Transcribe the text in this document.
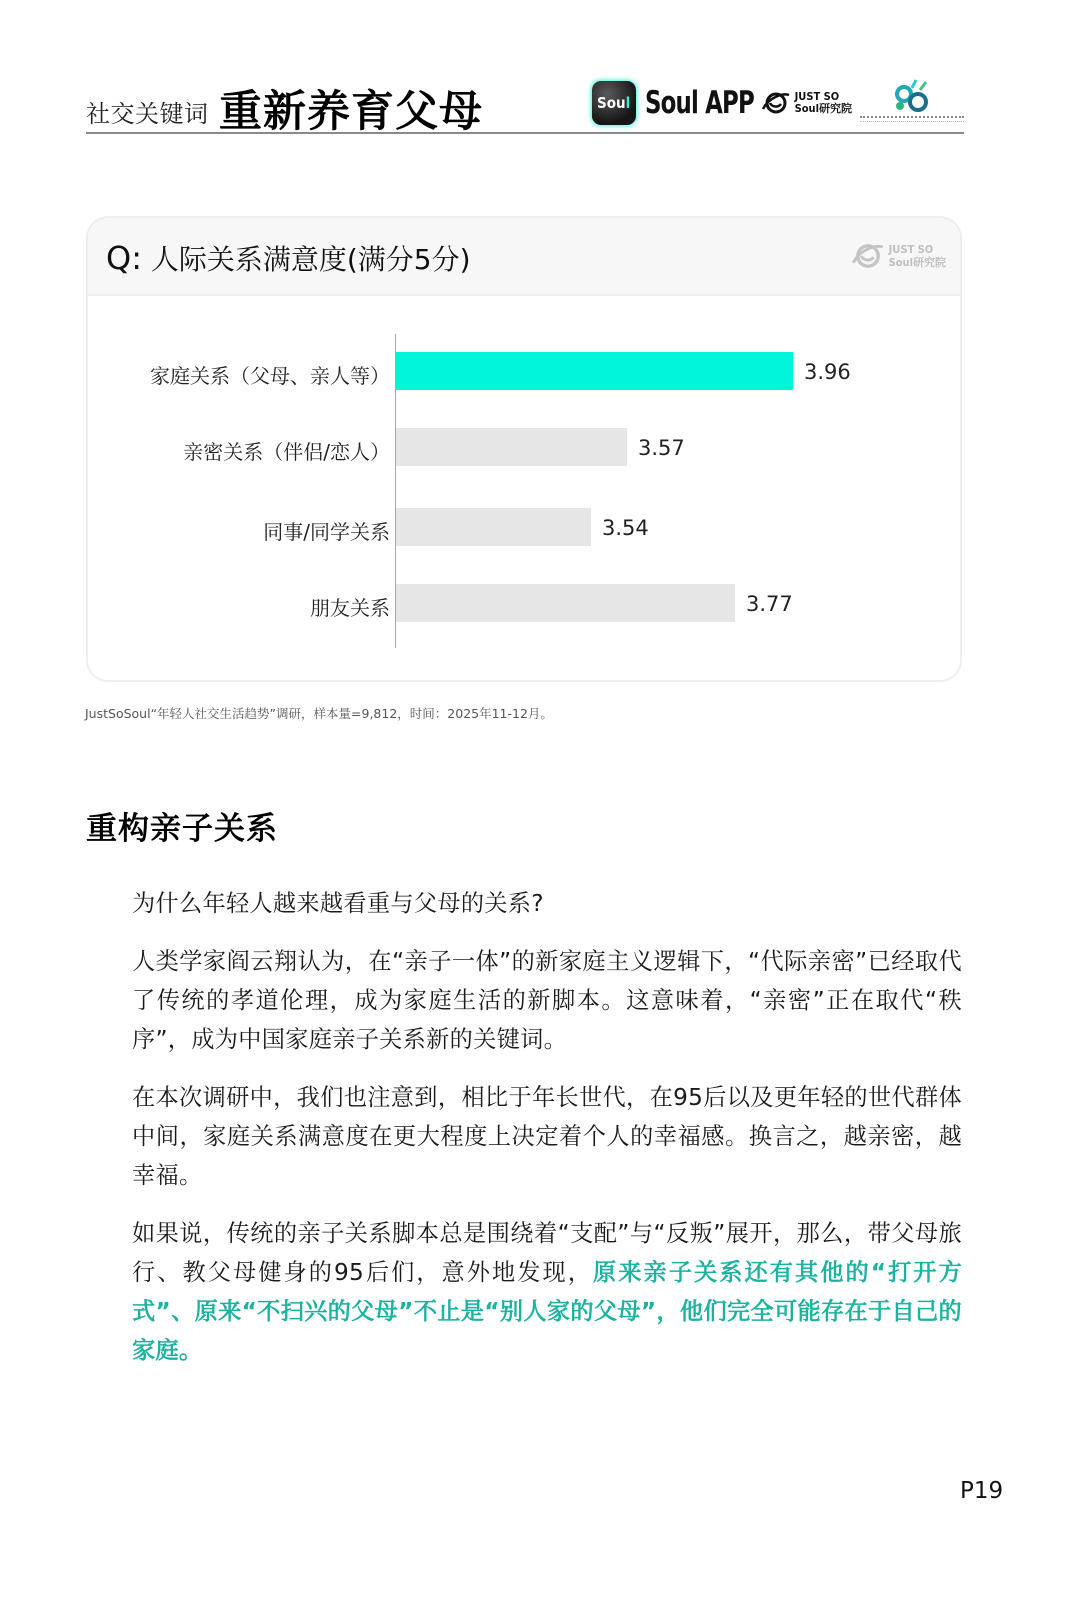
社交关键词 重新养育父母	Sou l Soul APP	JUST SO
Soul研究院
Q: 人际关系满意度(满分5分)	JUST SO
Soul研究院
家庭关系（父母、亲人等）	3.96
亲密关系（伴侣/恋人）	3.57
同事/同学关系	3.54
朋友关系	3.77
JustSoSoul“年轻人社交生活趋势”调研，样本量=9,812，时间：2025年11-12月。
重构亲子关系

为什么年轻人越来越看重与父母的关系?

人类学家阎云翔认为，在“亲子一体”的新家庭主义逻辑下，“代际亲密”已经取代了传统的孝道伦理，成为家庭生活的新脚本。这意味着，“亲密”正在取代“秩序”，成为中国家庭亲子关系新的关键词。

在本次调研中，我们也注意到，相比于年长世代，在95后以及更年轻的世代群体中间，家庭关系满意度在更大程度上决定着个人的幸福感。换言之，越亲密，越幸福。

如果说，传统的亲子关系脚本总是围绕着“支配”与“反叛”展开，那么，带父母旅行、教父母健身的95后们，意外地发现，原来亲子关系还有其他的“打开方式”、原来“不扫兴的父母”不止是“别人家的父母”，他们完全可能存在于自己的家庭。

P19
